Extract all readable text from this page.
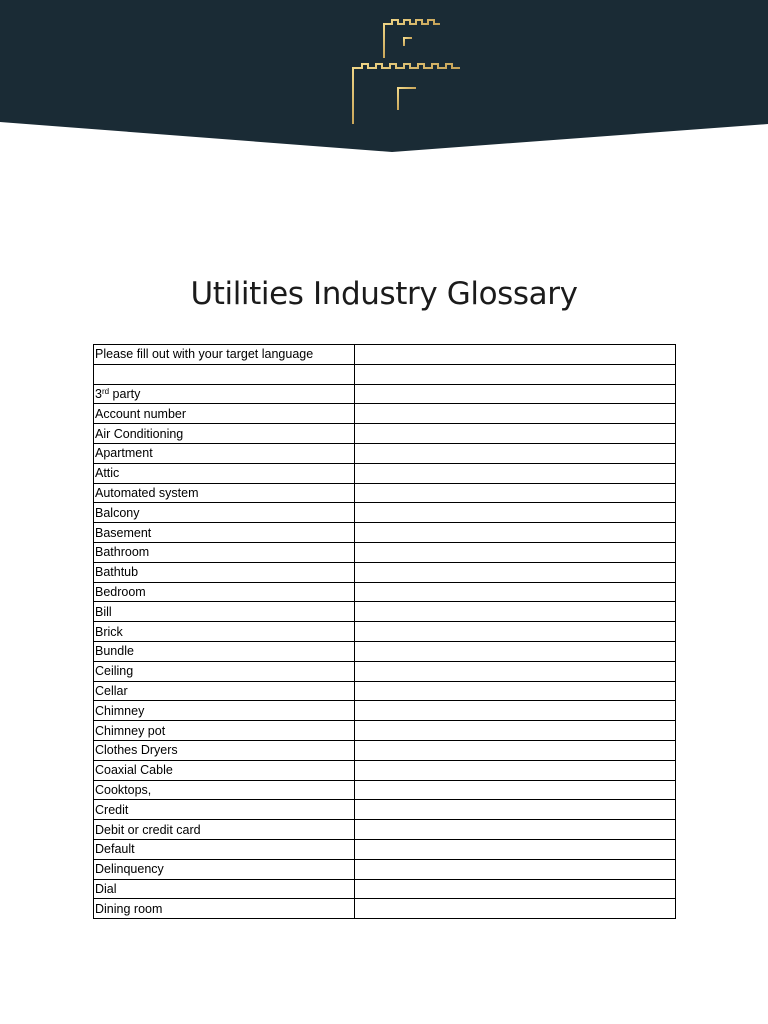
Utilities Industry Glossary
Please fill out with your target language	

3rd party	
Account number	
Air Conditioning	
Apartment	
Attic	
Automated system	
Balcony	
Basement	
Bathroom	
Bathtub	
Bedroom	
Bill	
Brick	
Bundle	
Ceiling	
Cellar	
Chimney	
Chimney pot	
Clothes Dryers	
Coaxial Cable	
Cooktops,	
Credit	
Debit or credit card	
Default	
Delinquency	
Dial	
Dining room	
